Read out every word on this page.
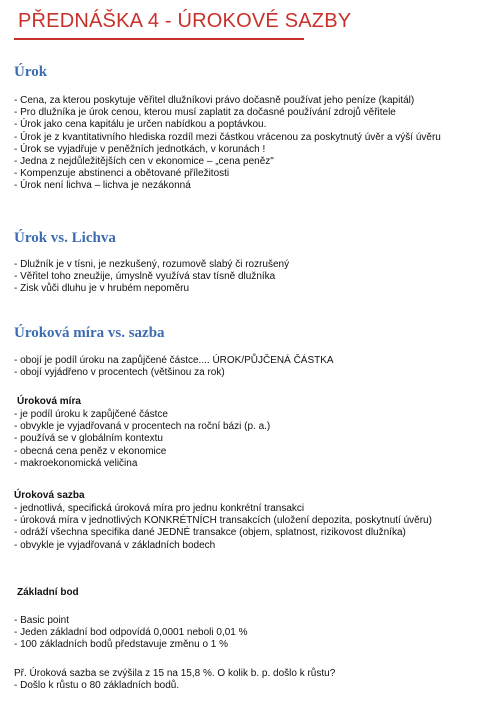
PŘEDNÁŠKA 4 - ÚROKOVÉ SAZBY
Úrok
- Cena, za kterou poskytuje věřitel dlužníkovi právo dočasně používat jeho peníze (kapitál)
- Pro dlužníka je úrok cenou, kterou musí zaplatit za dočasné používání zdrojů věřitele
- Úrok jako cena kapitálu je určen nabídkou a poptávkou.
- Úrok je z kvantitativního hlediska rozdíl mezi částkou vrácenou za poskytnutý úvěr a výší úvěru
- Úrok se vyjadřuje v peněžních jednotkách, v korunách !
- Jedna z nejdůležitějších cen v ekonomice – „cena peněz"
- Kompenzuje abstinenci a obětované příležitosti
- Úrok není lichva – lichva je nezákonná
Úrok vs. Lichva
- Dlužník je v tísni, je nezkušený, rozumově slabý či rozrušený
- Věřitel toho zneužije, úmyslně využívá stav tísně dlužníka
- Zisk vůči dluhu je v hrubém nepoměru
Úroková míra vs. sazba
- obojí je podíl úroku na zapůjčené částce.... ÚROK/PŮJČENÁ ČÁSTKA
- obojí vyjádřeno v procentech (většinou za rok)
Úroková míra
- je podíl úroku k zapůjčené částce
- obvykle je vyjadřovaná v procentech na roční bázi (p. a.)
- používá se v globálním kontextu
- obecná cena peněz v ekonomice
- makroekonomická veličina
Úroková sazba
- jednotlivá, specifická úroková míra pro jednu konkrétní transakci
- úroková míra v jednotlivých KONKRÉTNÍCH transakcích (uložení depozita, poskytnutí úvěru)
- odráží všechna specifika dané JEDNÉ transakce (objem, splatnost, rizikovost dlužníka)
- obvykle je vyjadřovaná v základních bodech
Základní bod
- Basic point
- Jeden základní bod odpovídá 0,0001 neboli 0,01 %
- 100 základních bodů představuje změnu o 1 %
Př. Úroková sazba se zvýšila z 15 na 15,8 %. O kolik b. p. došlo k růstu?
- Došlo k růstu o 80 základních bodů.
